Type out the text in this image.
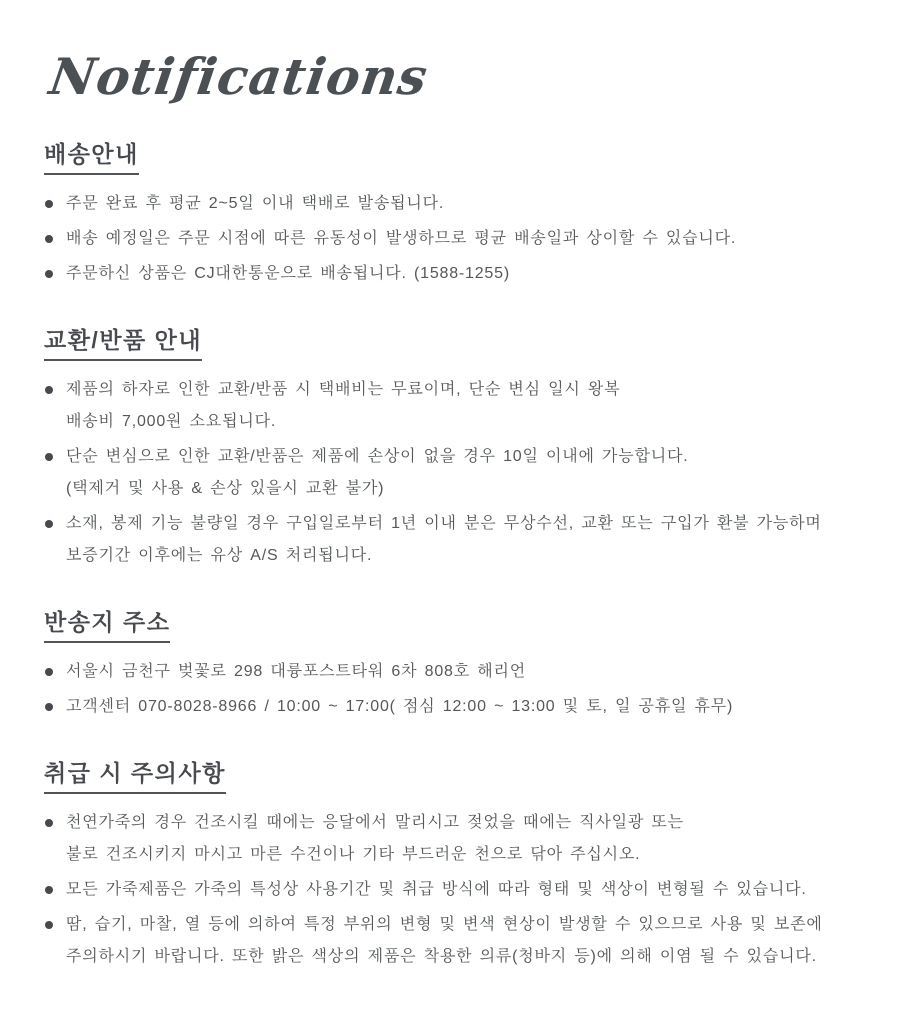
Notifications
배송안내
주문 완료 후 평균 2~5일 이내 택배로 발송됩니다.
배송 예정일은 주문 시점에 따른 유동성이 발생하므로 평균 배송일과 상이할 수 있습니다.
주문하신 상품은 CJ대한통운으로 배송됩니다. (1588-1255)
교환/반품 안내
제품의 하자로 인한 교환/반품 시 택배비는 무료이며, 단순 변심 일시 왕복
배송비 7,000원 소요됩니다.
단순 변심으로 인한 교환/반품은 제품에 손상이 없을 경우 10일 이내에 가능합니다.
(택제거 및 사용 & 손상 있을시 교환 불가)
소재, 봉제 기능 불량일 경우 구입일로부터 1년 이내 분은 무상수선, 교환 또는 구입가 환불 가능하며
보증기간 이후에는 유상 A/S 처리됩니다.
반송지 주소
서울시 금천구 벚꽃로 298 대륭포스트타워 6차 808호 해리언
고객센터 070-8028-8966 / 10:00 ~ 17:00( 점심 12:00 ~ 13:00 및 토, 일 공휴일 휴무)
취급 시 주의사항
천연가죽의 경우 건조시킬 때에는 응달에서 말리시고 젖었을 때에는 직사일광 또는
불로 건조시키지 마시고 마른 수건이나 기타 부드러운 천으로 닦아 주십시오.
모든 가죽제품은 가죽의 특성상 사용기간 및 취급 방식에 따라 형태 및 색상이 변형될 수 있습니다.
땀, 습기, 마찰, 열 등에 의하여 특정 부위의 변형 및 변색 현상이 발생할 수 있으므로 사용 및 보존에
주의하시기 바랍니다. 또한 밝은 색상의 제품은 착용한 의류(청바지 등)에 의해 이염 될 수 있습니다.
